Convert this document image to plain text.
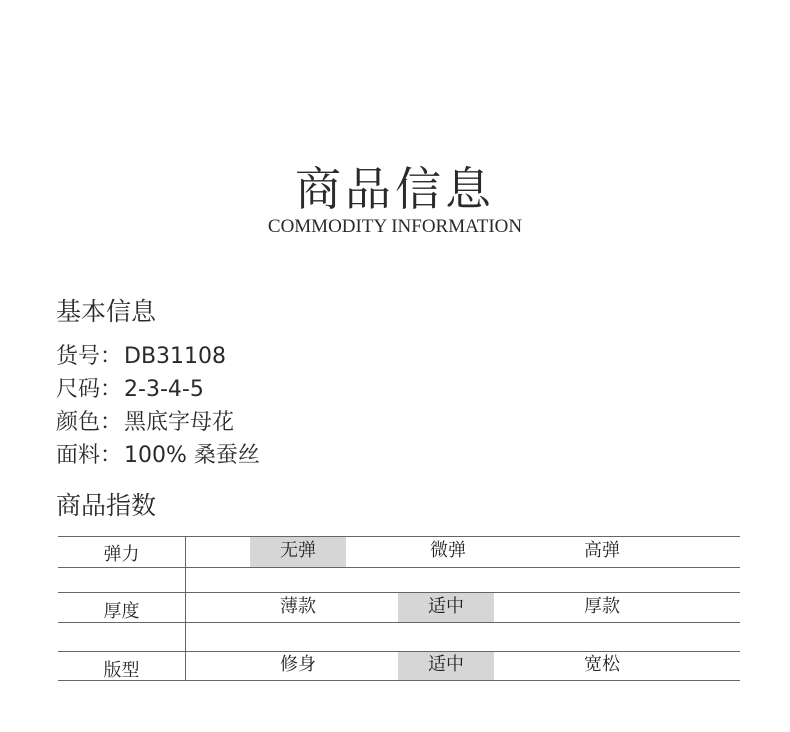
商品信息
COMMODITY INFORMATION
基本信息
货号：DB31108
尺码：2-3-4-5
颜色：黑底字母花
面料：100% 桑蚕丝
商品指数
弹力	无弹	微弹	高弹
厚度	薄款	适中	厚款
版型	修身	适中	宽松
